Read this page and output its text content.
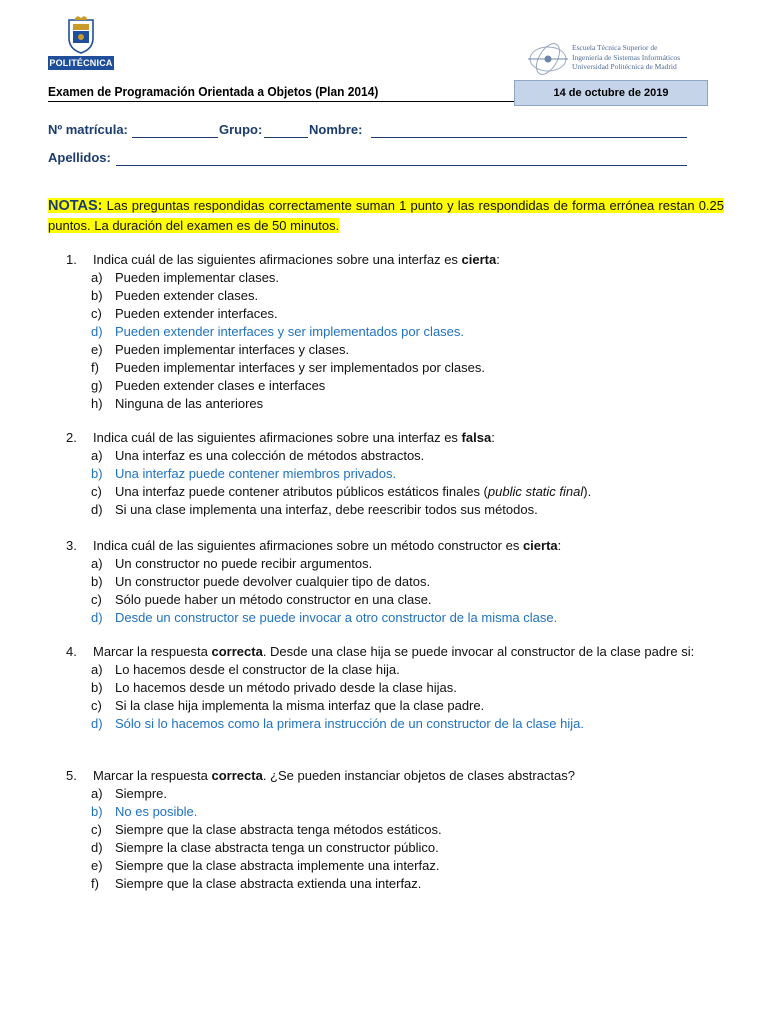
POLITÉCNICA
Escuela Técnica Superior de
Ingeniería de Sistemas Informáticos
Universidad Politécnica de Madrid
Examen de Programación Orientada a Objetos (Plan 2014)	14 de octubre de 2019
Nº matrícula:	Grupo:	Nombre:
Apellidos:
NOTAS: Las preguntas respondidas correctamente suman 1 punto y las respondidas de forma errónea restan 0.25 puntos. La duración del examen es de 50 minutos.
1. Indica cuál de las siguientes afirmaciones sobre una interfaz es cierta:
a) Pueden implementar clases.
b) Pueden extender clases.
c) Pueden extender interfaces.
d) Pueden extender interfaces y ser implementados por clases.
e) Pueden implementar interfaces y clases.
f) Pueden implementar interfaces y ser implementados por clases.
g) Pueden extender clases e interfaces
h) Ninguna de las anteriores
2. Indica cuál de las siguientes afirmaciones sobre una interfaz es falsa:
a) Una interfaz es una colección de métodos abstractos.
b) Una interfaz puede contener miembros privados.
c) Una interfaz puede contener atributos públicos estáticos finales (public static final).
d) Si una clase implementa una interfaz, debe reescribir todos sus métodos.
3. Indica cuál de las siguientes afirmaciones sobre un método constructor es cierta:
a) Un constructor no puede recibir argumentos.
b) Un constructor puede devolver cualquier tipo de datos.
c) Sólo puede haber un método constructor en una clase.
d) Desde un constructor se puede invocar a otro constructor de la misma clase.
4. Marcar la respuesta correcta. Desde una clase hija se puede invocar al constructor de la clase padre si:
a) Lo hacemos desde el constructor de la clase hija.
b) Lo hacemos desde un método privado desde la clase hijas.
c) Si la clase hija implementa la misma interfaz que la clase padre.
d) Sólo si lo hacemos como la primera instrucción de un constructor de la clase hija.
5. Marcar la respuesta correcta. ¿Se pueden instanciar objetos de clases abstractas?
a) Siempre.
b) No es posible.
c) Siempre que la clase abstracta tenga métodos estáticos.
d) Siempre la clase abstracta tenga un constructor público.
e) Siempre que la clase abstracta implemente una interfaz.
f) Siempre que la clase abstracta extienda una interfaz.
